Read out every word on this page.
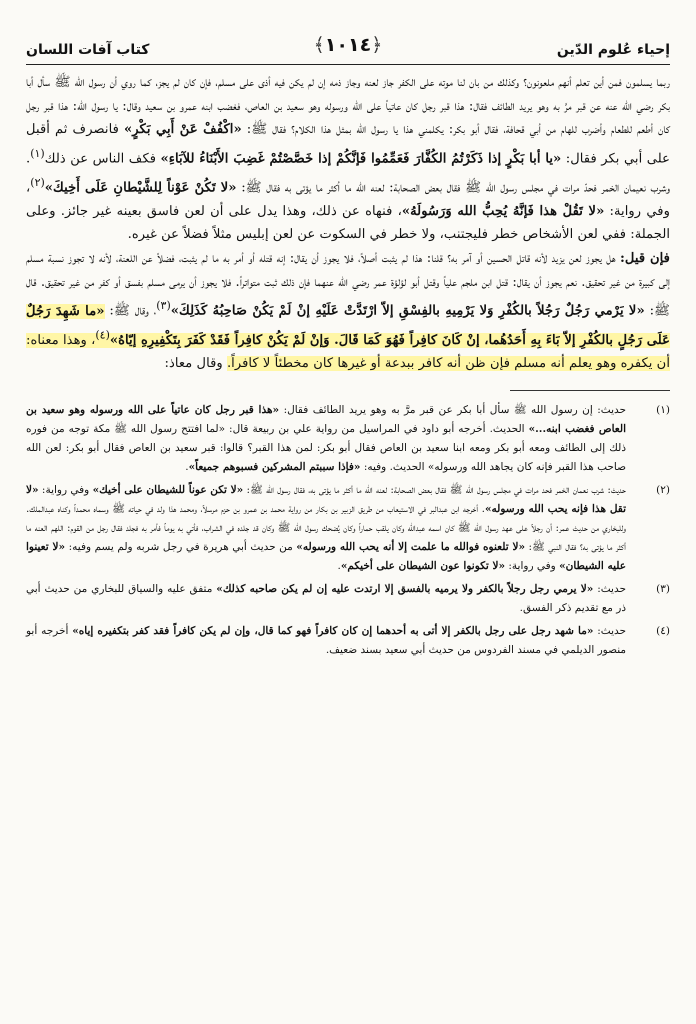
إحياء عُلوم الدّين
﴿١٠١٤﴾
كتاب آفات اللسان

ربما يسلمون فمن أين تعلم أنهم ملعونون؟ وكذلك من بان لنا موته على الكفر جاز لعنه وجاز ذمه إن لم يكن فيه أذى على مسلم، فإن كان لم يجز، كما روي أن رسول الله ﷺ سأل أبا بكر رضي الله عنه عن قبر مرَّ به وهو يريد الطائف فقال: هذا قبر رجل كان عاتياً على الله ورسوله وهو سعيد بن العاص، فغضب ابنه عمرو بن سعيد وقال: يا رسول الله: هذا قبر رجل كان أطعم للطعام وأضرب للهام من أبي قحافة، فقال أبو بكر: يكلمني هذا يا رسول الله بمثل هذا الكلام؟ فقال ﷺ: «اكْفُفْ عَنْ أَبِي بَكْرٍ» فانصرف ثم أقبل على أبي بكر فقال: «يا أبا بَكْرٍ إذا ذَكَرْتُمُ الكُفَّارَ فَعَمِّمُوا فَإنَّكُمْ إذا خَصَّصْتُمْ غَضِبَ الأَبْنَاءُ للآبَاءِ» فكف الناس عن ذلك$^{(١)}$. وشرب نعيمان الخمر فحدّ مرات في مجلس رسول الله ﷺ فقال بعض الصحابة: لعنه الله ما أكثر ما يؤتى به فقال ﷺ: «لا تَكُنْ عَوْناً لِلشَّيْطانِ عَلَى أَخِيكَ»$^{(٢)}$، وفي رواية: «لا تَقُلْ هذا فَإنَّهُ يُحِبُّ الله وَرَسُولَهُ»، فنهاه عن ذلك، وهذا يدل على أن لعن فاسق بعينه غير جائز. وعلى الجملة: ففي لعن الأشخاص خطر فليجتنب، ولا خطر في السكوت عن لعن إبليس مثلاً فضلاً عن غيره.

فإن قيل: هل يجوز لعن يزيد لأنه قاتل الحسين أو آمر به؟ قلنا: هذا لم يثبت أصلاً، فلا يجوز أن يقال: إنه قتله أو أمر به ما لم يثبت، فضلاً عن اللعنة، لأنه لا تجوز نسبة مسلم إلى كبيرة من غير تحقيق. نعم يجوز أن يقال: قتل ابن ملجم علياً وقتل أبو لؤلؤة عمر رضي الله عنهما فإن ذلك ثبت متواتراً. فلا يجوز أن يرمى مسلم بفسق أو كفر من غير تحقيق. قال ﷺ: «لا يَرْمي رَجُلٌ رَجُلاً بالكُفْرِ وَلا يَرْمِيهِ بالفِسْقِ إلاّ ارْتَدَّتْ عَلَيْهِ إنْ لَمْ يَكُنْ صَاحِبُهُ كَذَلِكَ»$^{(٣)}$، وقال ﷺ: «ما شَهِدَ رَجُلٌ عَلَى رَجُلٍ بالكُفْرِ إلاّ بَاءَ بِهِ أَحَدُهُما، إنْ كَانَ كافِراً فَهُوَ كَمَا قَالَ. وَإنْ لَمْ يَكُنْ كافِراً فَقَدْ كَفَرَ بِتَكْفِيرِهِ إيّاهُ»$^{(٤)}$، وهذا معناه: أن يكفره وهو يعلم أنه مسلم فإن ظن أنه كافر ببدعة أو غيرها كان مخطئاً لا كافراً. وقال معاذ:

(١)
حديث: إن رسول الله ﷺ سأل أبا بكر عن قبر مرَّ به وهو يريد الطائف فقال: «هذا قبر رجل كان عاتياً على الله ورسوله وهو سعيد بن العاص فغضب ابنه...» الحديث. أخرجه أبو داود في المراسيل من رواية علي بن ربيعة قال: «لما افتتح رسول الله ﷺ مكة توجه من فوره ذلك إلى الطائف ومعه أبو بكر ومعه ابنا سعيد بن العاص فقال أبو بكر: لمن هذا القبر؟ قالوا: قبر سعيد بن العاص فقال أبو بكر: لعن الله صاحب هذا القبر فإنه كان يجاهد الله ورسوله» الحديث. وفيه: «فإذا سببتم المشركين فسبوهم جميعاً».
(٢)
حديث: شرب نعمان الخمر فحد مرات في مجلس رسول الله ﷺ فقال بعض الصحابة: لعنه الله ما أكثر ما يؤتى به، فقال رسول الله ﷺ: «لا تكن عوناً للشيطان على أخيك» وفي رواية: «لا تقل هذا فإنه يحب الله ورسوله». أخرجه ابن عبدالبر في الاستيعاب من طريق الزبير بن بكار من رواية محمد بن عمرو بن حزم مرسلاً، ومحمد هذا ولد في حياته ﷺ وسماه محمداً وكناه عبدالملك. وللبخاري من حديث عمر: أن رجلاً على عهد رسول الله ﷺ كان اسمه عبدالله وكان يلقب حماراً وكان يُضحك رسول الله ﷺ وكان قد جلده في الشراب، فأتي به يوماً فأمر به فجلد فقال رجل من القوم: اللهم العنه ما أكثر ما يؤتى به؟ فقال النبي ﷺ: «لا تلعنوه فوالله ما علمت إلا أنه يحب الله ورسوله» من حديث أبي هريرة في رجل شربه ولم يسم وفيه: «لا تعينوا عليه الشيطان» وفي رواية: «لا تكونوا عون الشيطان على أخيكم».
(٣)
حديث: «لا يرمي رجل رجلاً بالكفر ولا يرميه بالفسق إلا ارتدت عليه إن لم يكن صاحبه كذلك» متفق عليه والسياق للبخاري من حديث أبي ذر مع تقديم ذكر الفسق.
(٤)
حديث: «ما شهد رجل على رجل بالكفر إلا أتى به أحدهما إن كان كافراً فهو كما قال، وإن لم يكن كافراً فقد كفر بتكفيره إياه» أخرجه أبو منصور الديلمي في مسند الفردوس من حديث أبي سعيد بسند ضعيف.
